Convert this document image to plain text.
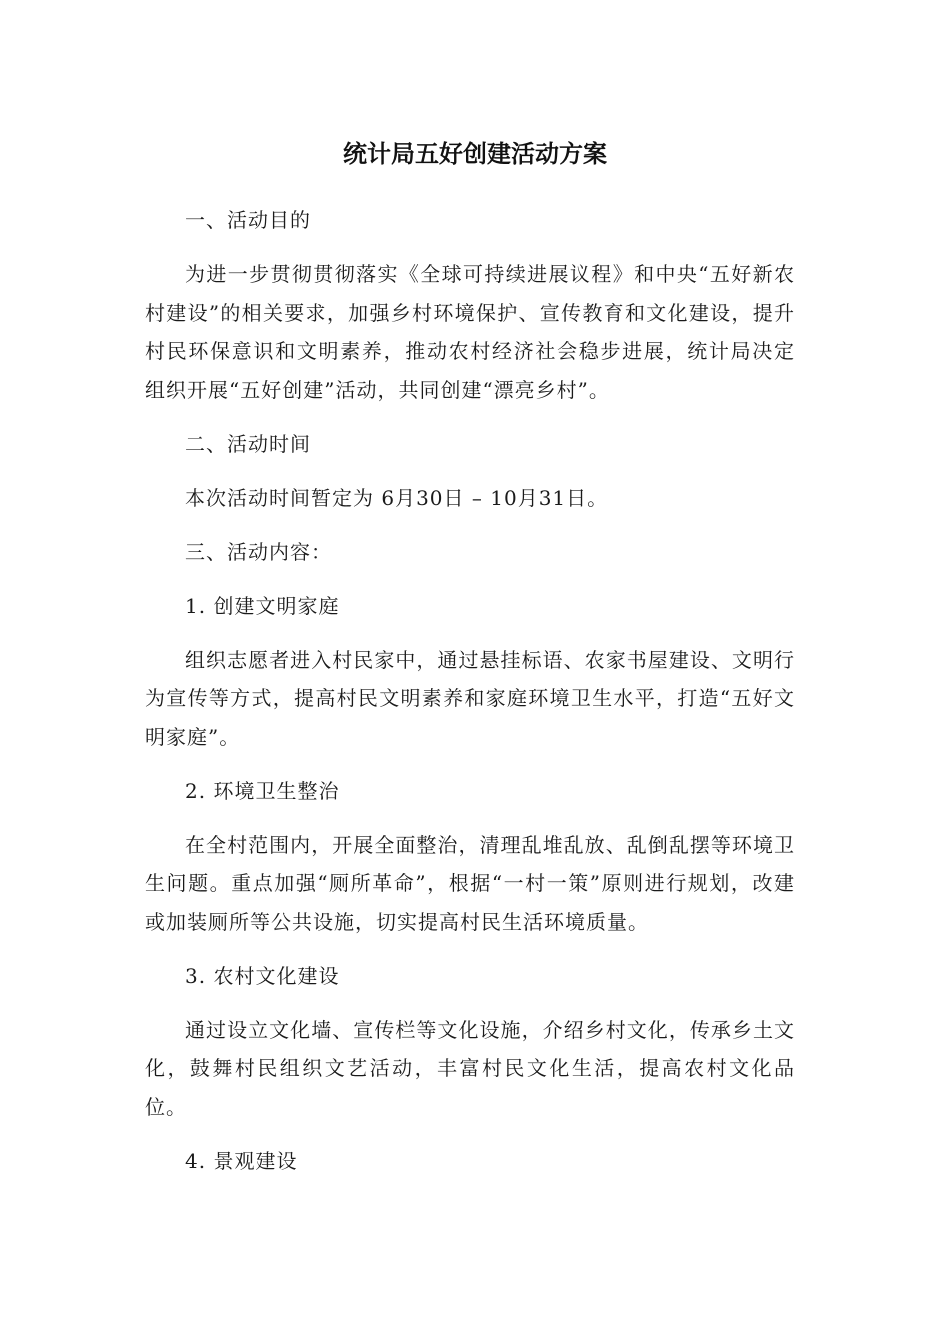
统计局五好创建活动方案

一、活动目的

为进一步贯彻贯彻落实《全球可持续进展议程》和中央“五好新农村建设”的相关要求，加强乡村环境保护、宣传教育和文化建设，提升村民环保意识和文明素养，推动农村经济社会稳步进展，统计局决定组织开展“五好创建”活动，共同创建“漂亮乡村”。

二、活动时间

本次活动时间暂定为 6月30日 – 10月31日。

三、活动内容：

1. 创建文明家庭

组织志愿者进入村民家中，通过悬挂标语、农家书屋建设、文明行为宣传等方式，提高村民文明素养和家庭环境卫生水平，打造“五好文明家庭”。

2. 环境卫生整治

在全村范围内，开展全面整治，清理乱堆乱放、乱倒乱摆等环境卫生问题。重点加强“厕所革命”，根据“一村一策”原则进行规划，改建或加装厕所等公共设施，切实提高村民生活环境质量。

3. 农村文化建设

通过设立文化墙、宣传栏等文化设施，介绍乡村文化，传承乡土文化，鼓舞村民组织文艺活动，丰富村民文化生活，提高农村文化品位。

4. 景观建设
